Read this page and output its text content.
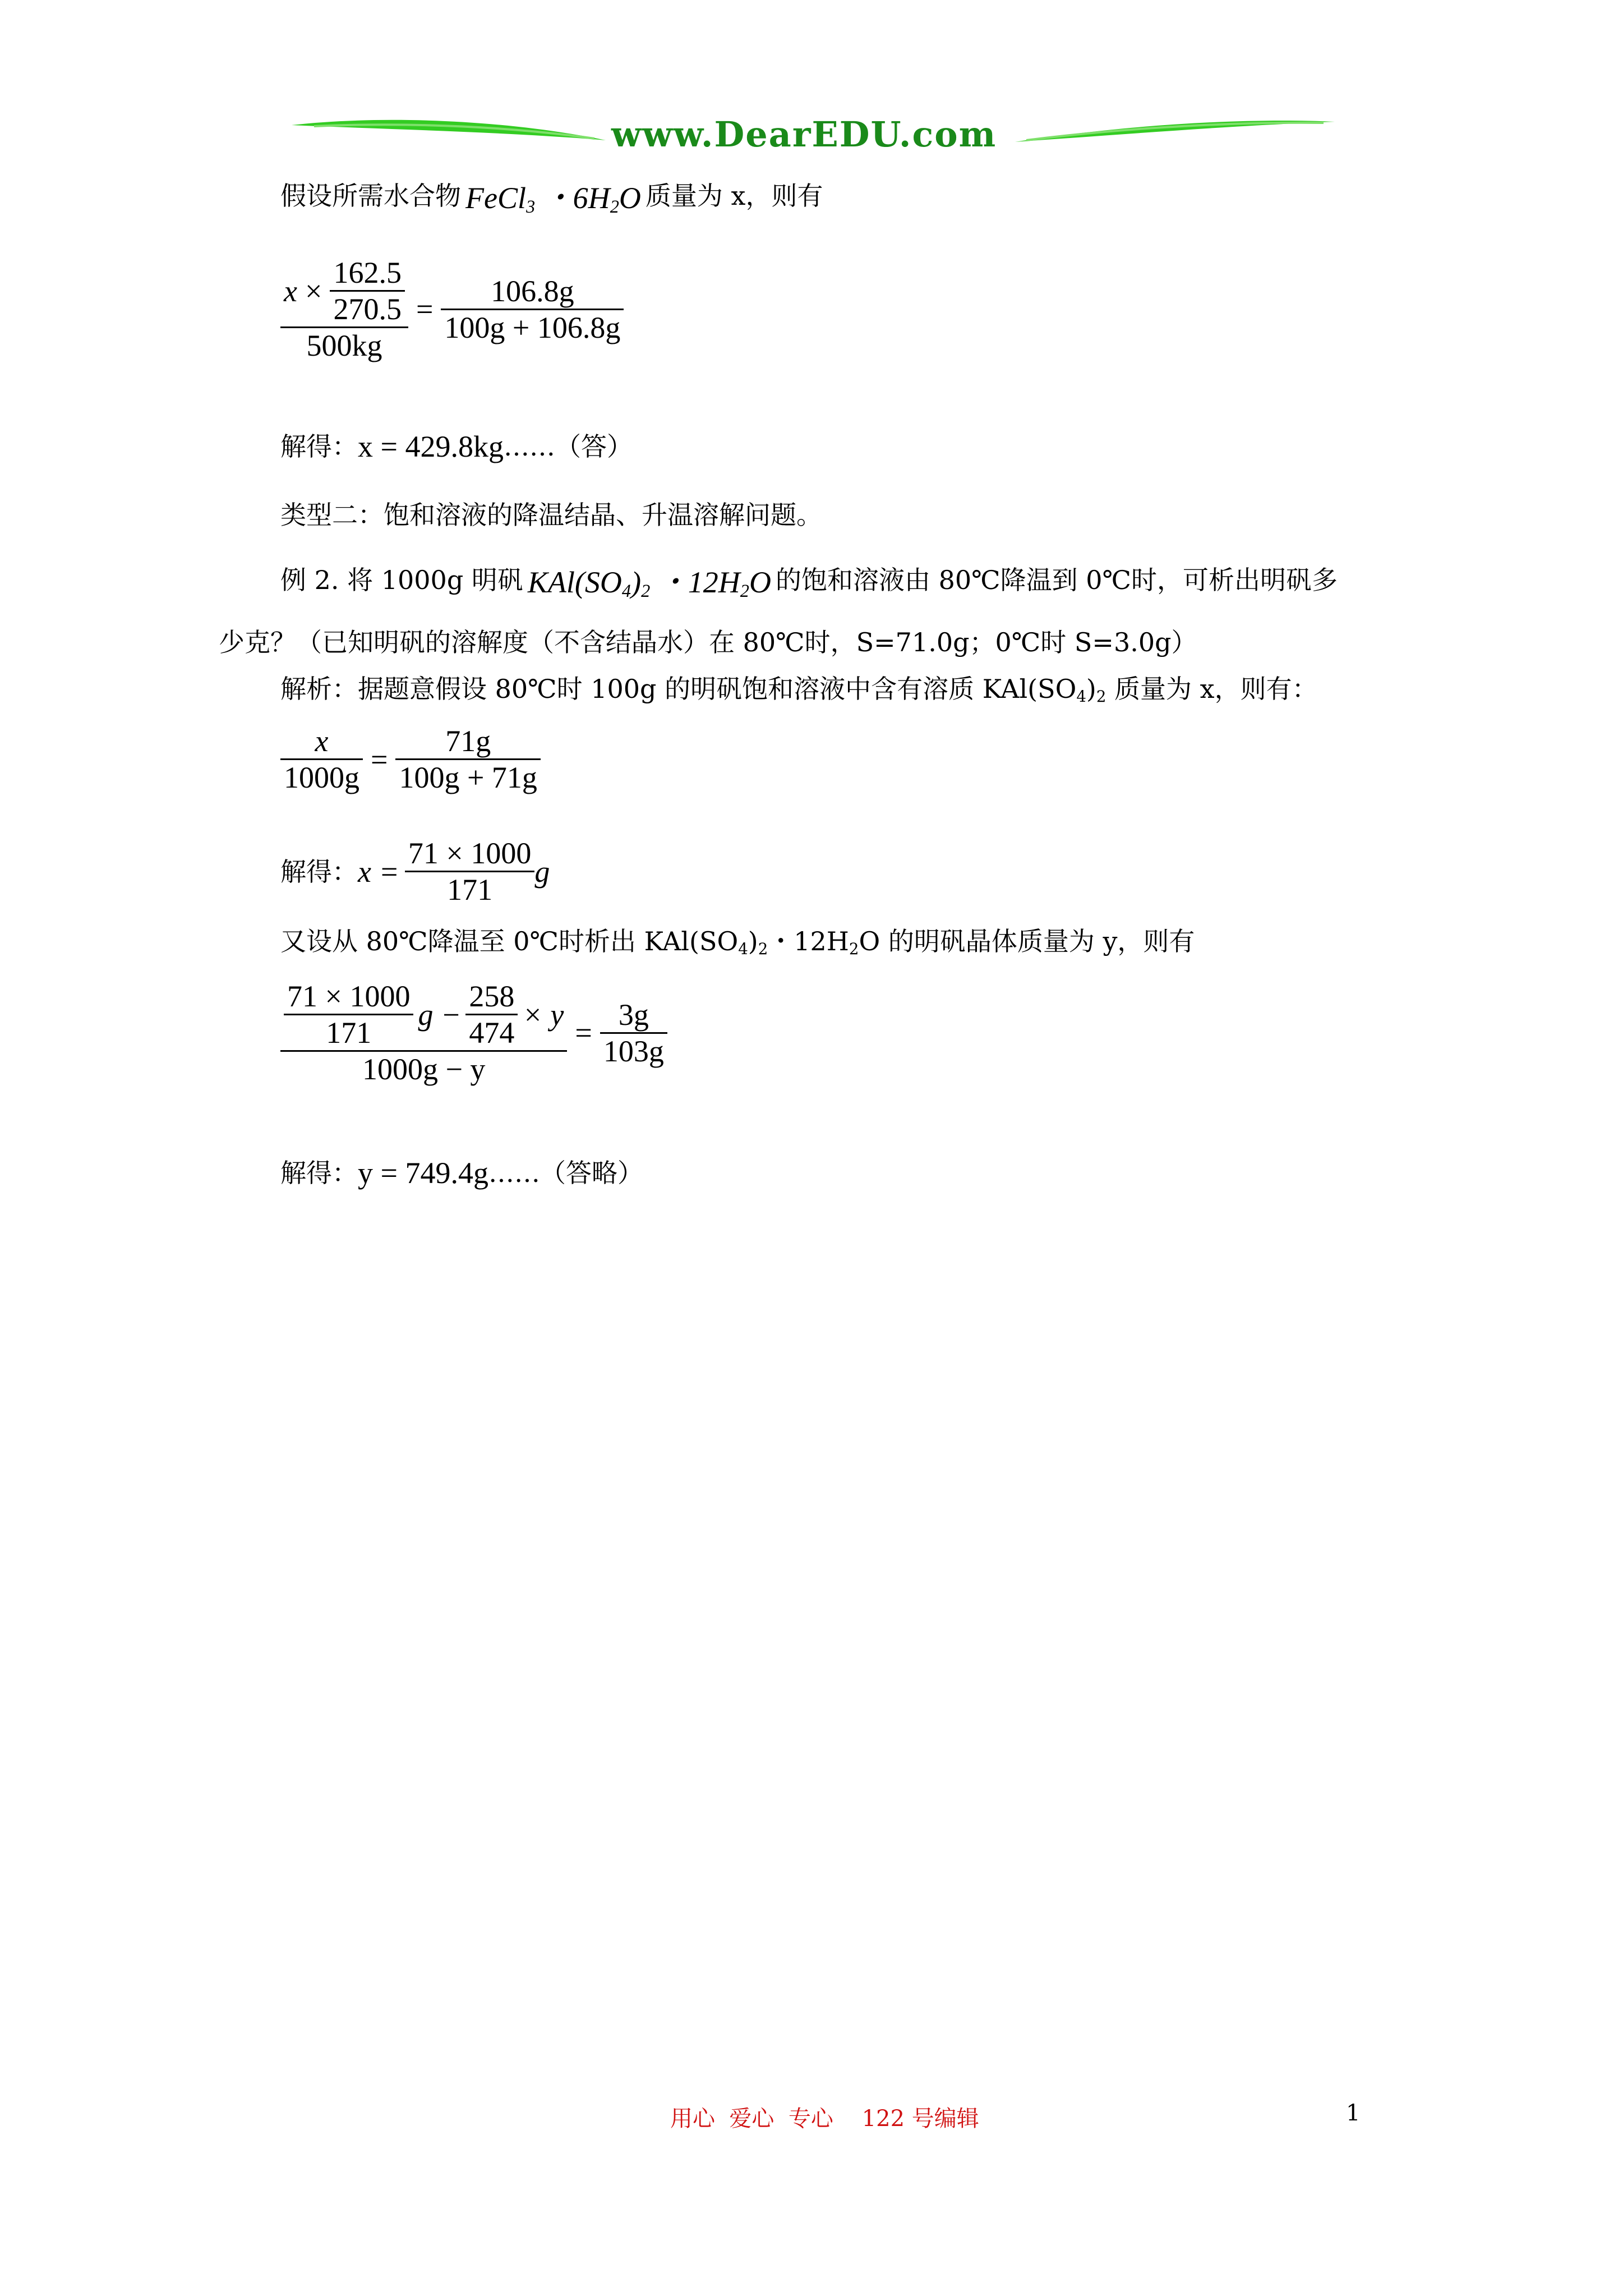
www.DearEDU.com
假设所需水合物 FeCl$_3$ ・$6H_2O$ 质量为 x，则有
$\frac{x \times \frac{162.5}{270.5}}{500kg} = \frac{106.8g}{100g + 106.8g}$
解得： x = 429.8kg ……（答）
类型二：饱和溶液的降温结晶、升温溶解问题。
例 2. 将 1000g 明矾 $KAl(SO_4)_2$ ・$12H_2O$ 的饱和溶液由 80℃降温到 0℃时，可析出明矾多
少克？（已知明矾的溶解度（不含结晶水）在 80℃时，S=71.0g；0℃时 S=3.0g）
解析：据题意假设 80℃时 100g 的明矾饱和溶液中含有溶质 $KAl(SO_4)_2$ 质量为 x，则有：
$\frac{x}{1000g} = \frac{71g}{100g + 71g}$
解得： $x = \frac{71 \times 1000}{171}$ g
又设从 80℃降温至 0℃时析出 $KAl(SO_4)_2$・$12H_2O$ 的明矾晶体质量为 y，则有
$\frac{71 \times 1000}{171}$ $g - \frac{258}{474} \times y$
1000g − y
= $\frac{3g}{103g}$
解得： y = 749.4g ……（答略）
用心  爱心  专心    122 号编辑	1
